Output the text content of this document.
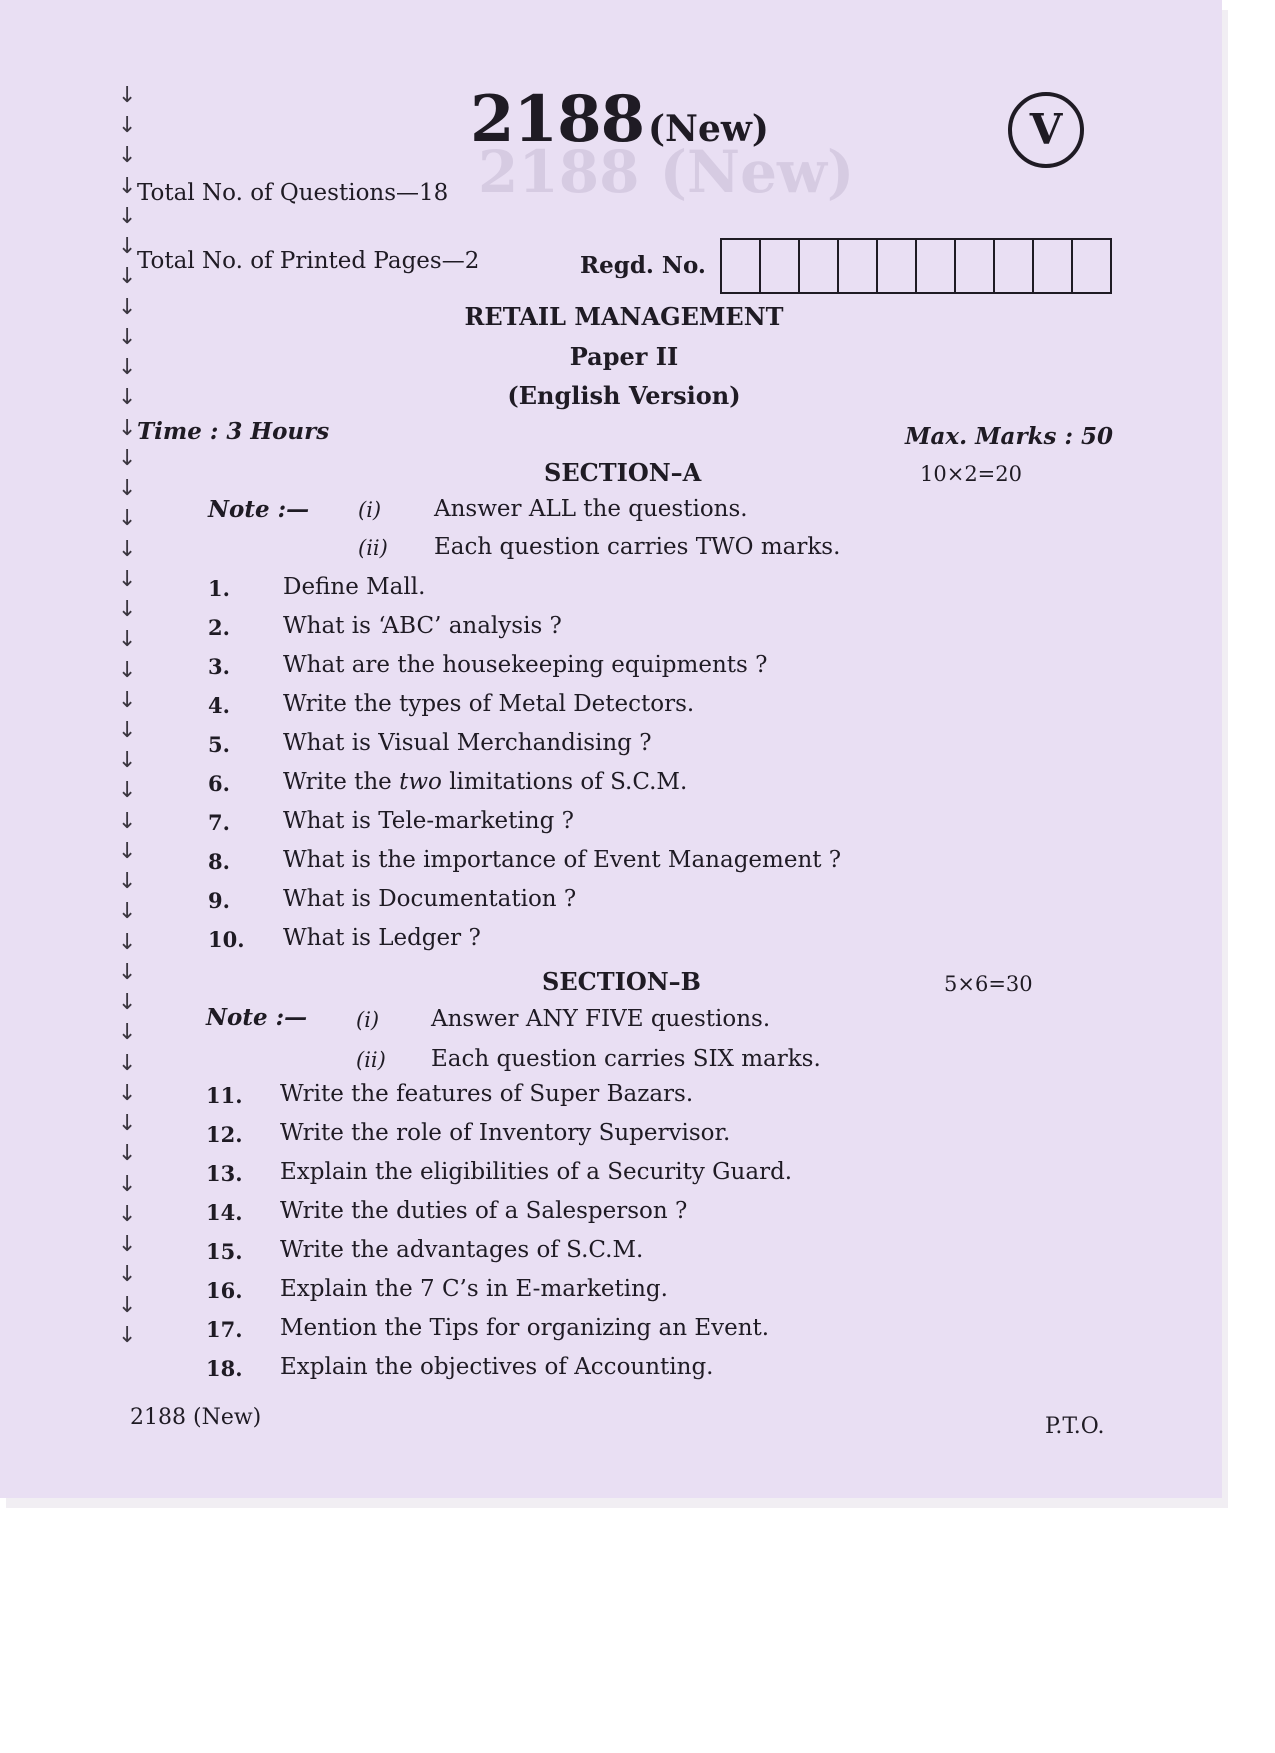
2188 (New)
↓
↓
↓
↓
↓
↓
↓
↓
↓
↓
↓
↓
↓
↓
↓
↓
↓
↓
↓
↓
↓
↓
↓
↓
↓
↓
↓
↓
↓
↓
↓
↓
↓
↓
↓
↓
↓
↓
↓
↓
↓
↓
2188 (New)	V
Total No. of Questions—18
Total No. of Printed Pages—2	Regd. No.
RETAIL MANAGEMENT
Paper II
(English Version)
Time : 3 Hours	Max. Marks : 50
SECTION–A	10×2=20
Note :— (i) Answer ALL the questions.
(ii) Each question carries TWO marks.
1. Define Mall.
2. What is ‘ABC’ analysis ?
3. What are the housekeeping equipments ?
4. Write the types of Metal Detectors.
5. What is Visual Merchandising ?
6. Write the two limitations of S.C.M.
7. What is Tele-marketing ?
8. What is the importance of Event Management ?
9. What is Documentation ?
10. What is Ledger ?
SECTION–B	5×6=30
Note :— (i) Answer ANY FIVE questions.
(ii) Each question carries SIX marks.
11. Write the features of Super Bazars.
12. Write the role of Inventory Supervisor.
13. Explain the eligibilities of a Security Guard.
14. Write the duties of a Salesperson ?
15. Write the advantages of S.C.M.
16. Explain the 7 C’s in E-marketing.
17. Mention the Tips for organizing an Event.
18. Explain the objectives of Accounting.
2188 (New)	P.T.O.
